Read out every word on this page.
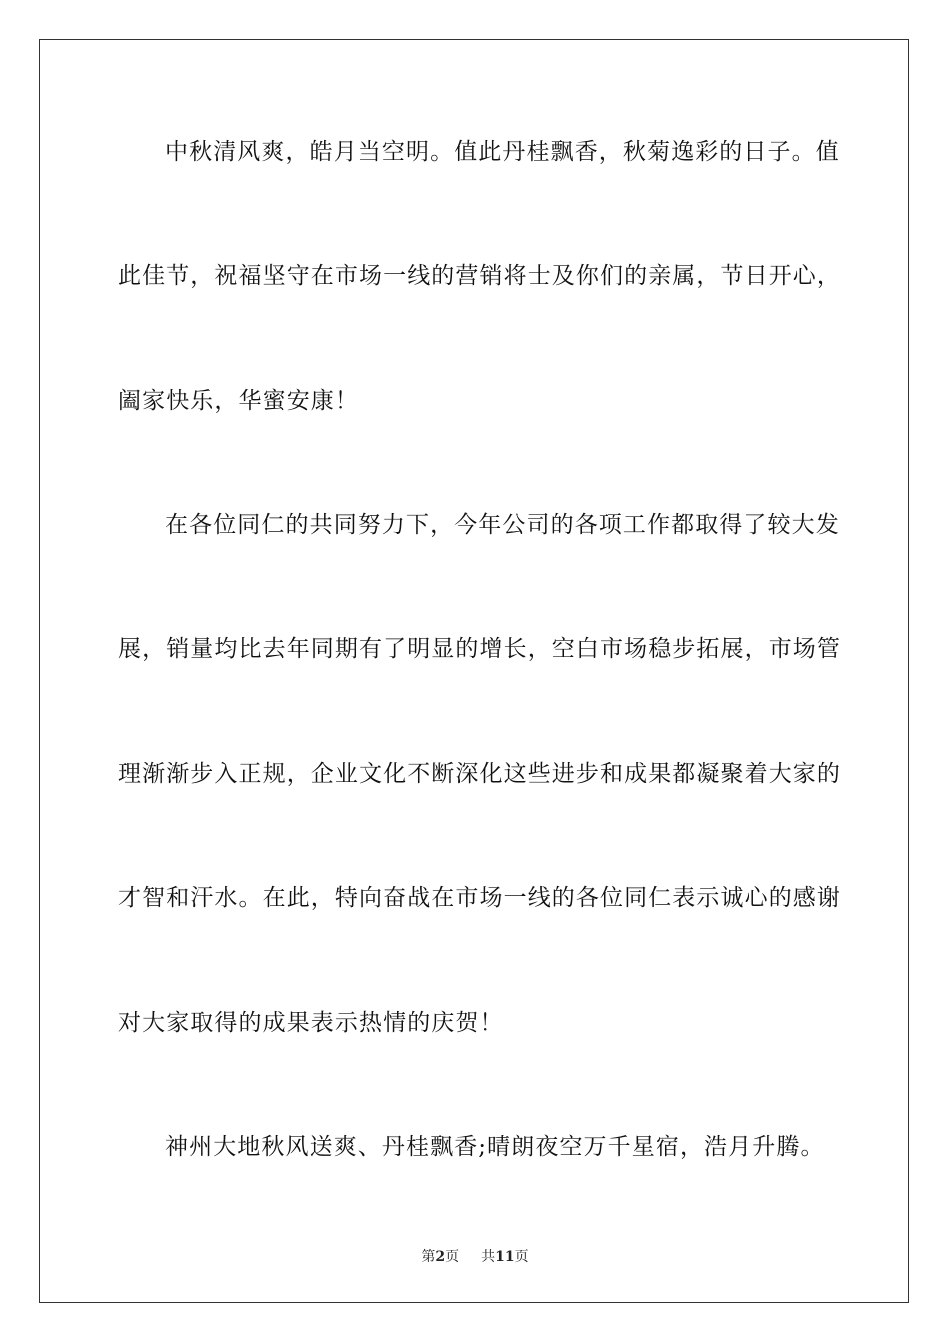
中秋清风爽，皓月当空明。值此丹桂飘香，秋菊逸彩的日子。值
此佳节，祝福坚守在市场一线的营销将士及你们的亲属，节日开心，
阖家快乐，华蜜安康！
在各位同仁的共同努力下，今年公司的各项工作都取得了较大发
展，销量均比去年同期有了明显的增长，空白市场稳步拓展，市场管
理渐渐步入正规，企业文化不断深化这些进步和成果都凝聚着大家的
才智和汗水。在此，特向奋战在市场一线的各位同仁表示诚心的感谢
对大家取得的成果表示热情的庆贺！
神州大地秋风送爽、丹桂飘香;晴朗夜空万千星宿，浩月升腾。
第2页 共11页
